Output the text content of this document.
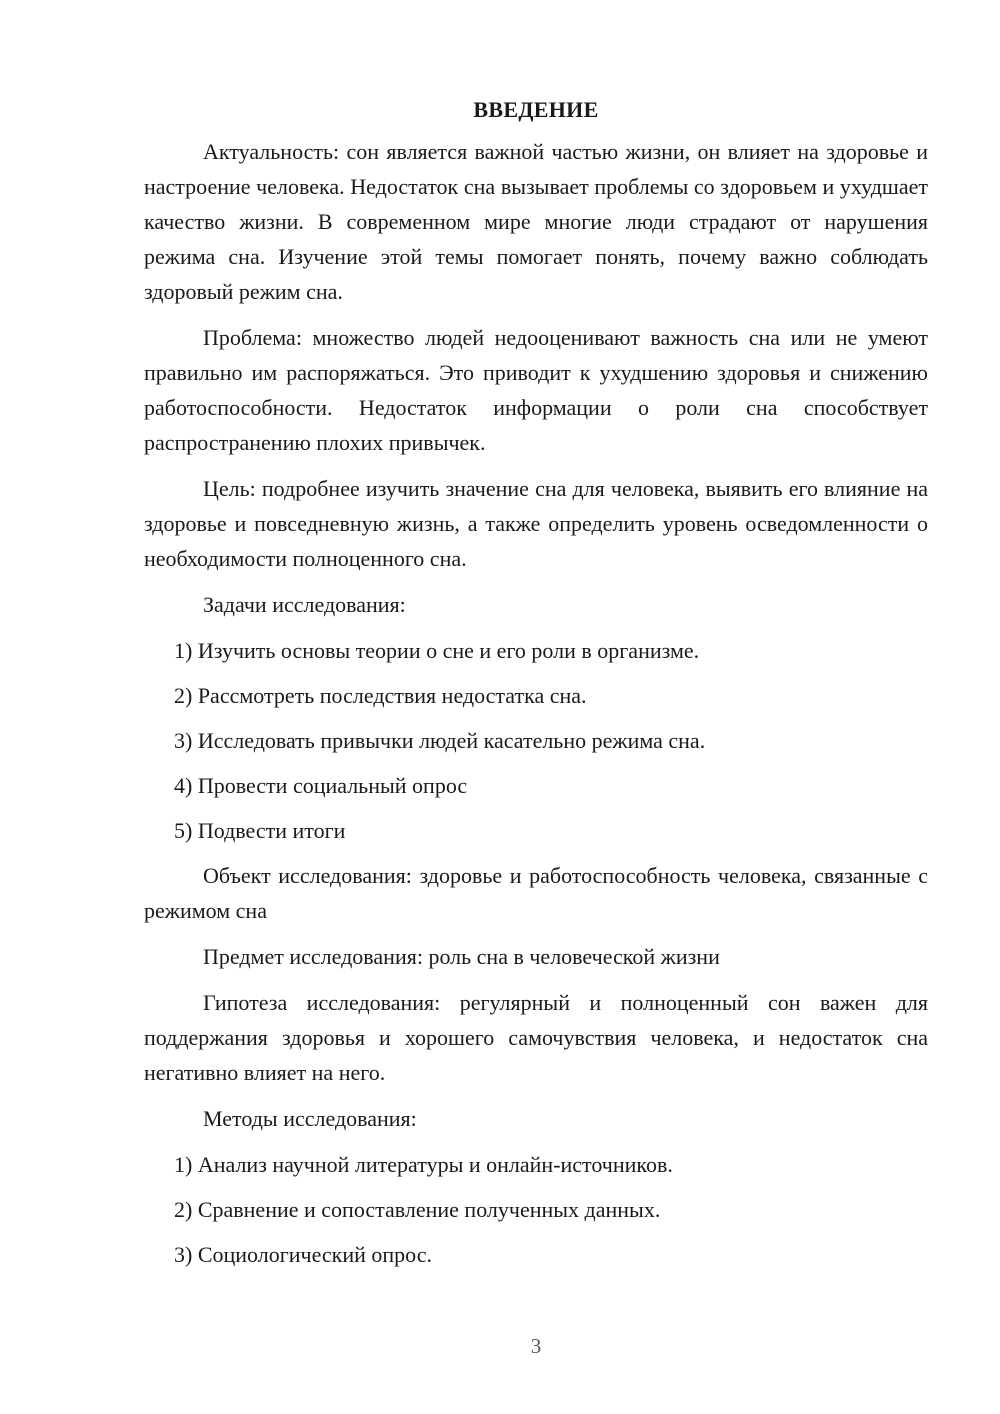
ВВЕДЕНИЕ

Актуальность: сон является важной частью жизни, он влияет на здоровье и настроение человека. Недостаток сна вызывает проблемы со здоровьем и ухудшает качество жизни. В современном мире многие люди страдают от нарушения режима сна. Изучение этой темы помогает понять, почему важно соблюдать здоровый режим сна.

Проблема: множество людей недооценивают важность сна или не умеют правильно им распоряжаться. Это приводит к ухудшению здоровья и снижению работоспособности. Недостаток информации о роли сна способствует распространению плохих привычек.

Цель: подробнее изучить значение сна для человека, выявить его влияние на здоровье и повседневную жизнь, а также определить уровень осведомленности о необходимости полноценного сна.

Задачи исследования:

1) Изучить основы теории о сне и его роли в организме.
2) Рассмотреть последствия недостатка сна.
3) Исследовать привычки людей касательно режима сна.
4) Провести социальный опрос
5) Подвести итоги

Объект исследования: здоровье и работоспособность человека, связанные с режимом сна

Предмет исследования: роль сна в человеческой жизни

Гипотеза исследования: регулярный и полноценный сон важен для поддержания здоровья и хорошего самочувствия человека, и недостаток сна негативно влияет на него.

Методы исследования:

1) Анализ научной литературы и онлайн-источников.
2) Сравнение и сопоставление полученных данных.
3) Социологический опрос.
3
